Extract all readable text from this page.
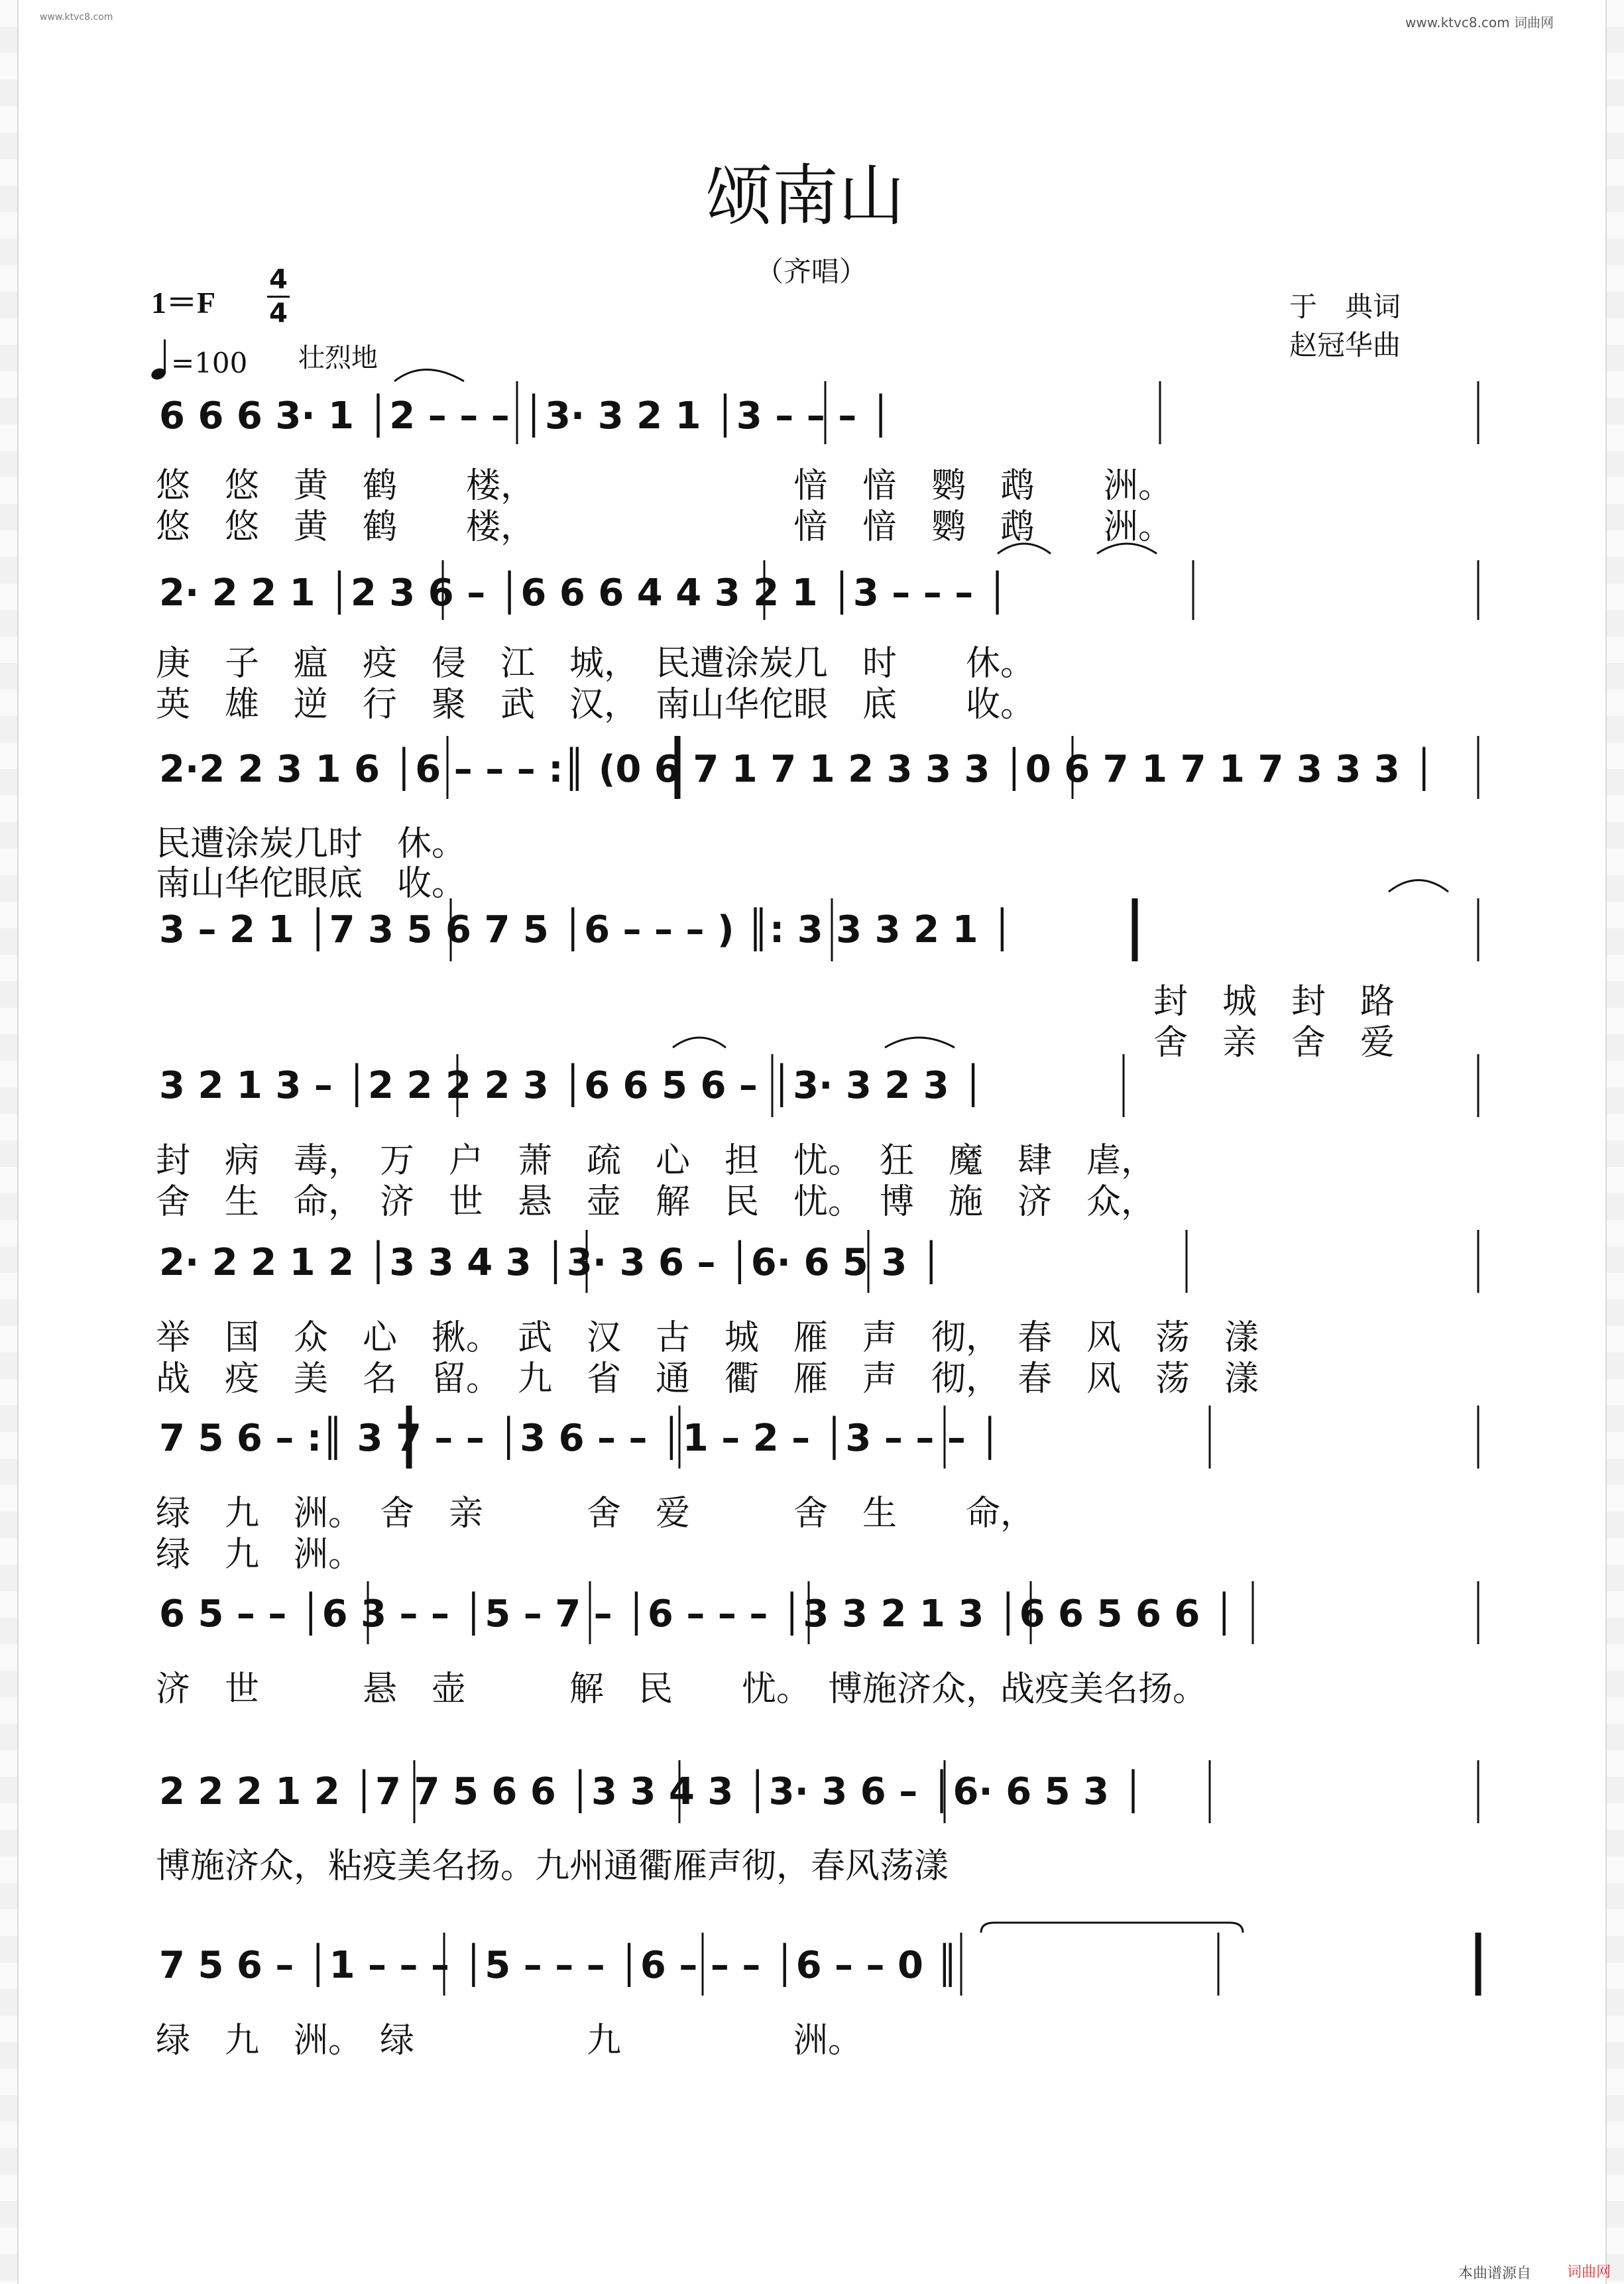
www.ktvc8.com	www.ktvc8.com 词曲网
颂南山
（齐唱）
1＝F
4
4
=100 壮烈地
于　典词
赵冠华曲
6 6 6 3· 1 │2 – – – │3· 3 2 1 │3 – – – │
悠　悠　黄　鹤　　楼，　　　　　　　　愔　愔　鹦　鹉　　洲。
悠　悠　黄　鹤　　楼，　　　　　　　　愔　愔　鹦　鹉　　洲。
2· 2 2 1 │2 3 6 – │6 6 6 4 4 3 2 1 │3 – – – │
庚　子　瘟　疫　侵　江　城，　民遭涂炭几　时　　休。
英　雄　逆　行　聚　武　汉，　南山华佗眼　底　　收。
2·2 2 3 1 6 │6 – – – :║ (0 6 7 1 7 1 2 3 3 3 │0 6 7 1 7 1 7 3 3 3 │
民遭涂炭几时　休。
南山华佗眼底　收。
3 – 2 1 │7 3 5 6 7 5 │6 – – – ) ║: 3 3 3 2 1 │
封　城　封　路
舍　亲　舍　爱
3 2 1 3 – │2 2 2 2 3 │6 6 5 6 – │3· 3 2 3 │
封　病　毒，　万　户　萧　疏　心　担　忧。　狂　魔　肆　虐，
舍　生　命，　济　世　悬　壶　解　民　忧。　博　施　济　众，
2· 2 2 1 2 │3 3 4 3 │3· 3 6 – │6· 6 5 3 │
举　国　众　心　揪。　武　汉　古　城　雁　声　彻，　春　风　荡　漾
战　疫　美　名　留。　九　省　通　衢　雁　声　彻，　春　风　荡　漾
7 5 6 – :║ 3 7 – – │3 6 – – │1 – 2 – │3 – – – │
绿　九　洲。　舍　亲　　　舍　爱　　　舍　生　　命，
绿　九　洲。
6 5 – – │6 3 – – │5 – 7 – │6 – – – │3 3 2 1 3 │6 6 5 6 6 │
济　世　　　悬　壶　　　解　民　　忧。　博施济众，战疫美名扬。
2 2 2 1 2 │7 7 5 6 6 │3 3 4 3 │3· 3 6 – │6· 6 5 3 │
博施济众，粘疫美名扬。九州通衢雁声彻，春风荡漾
7 5 6 – │1 – – – │5 – – – │6 – – – │6 – – 0 ║
绿　九　洲。　绿　　　　　九　　　　　洲。
本曲谱源自 词曲网
